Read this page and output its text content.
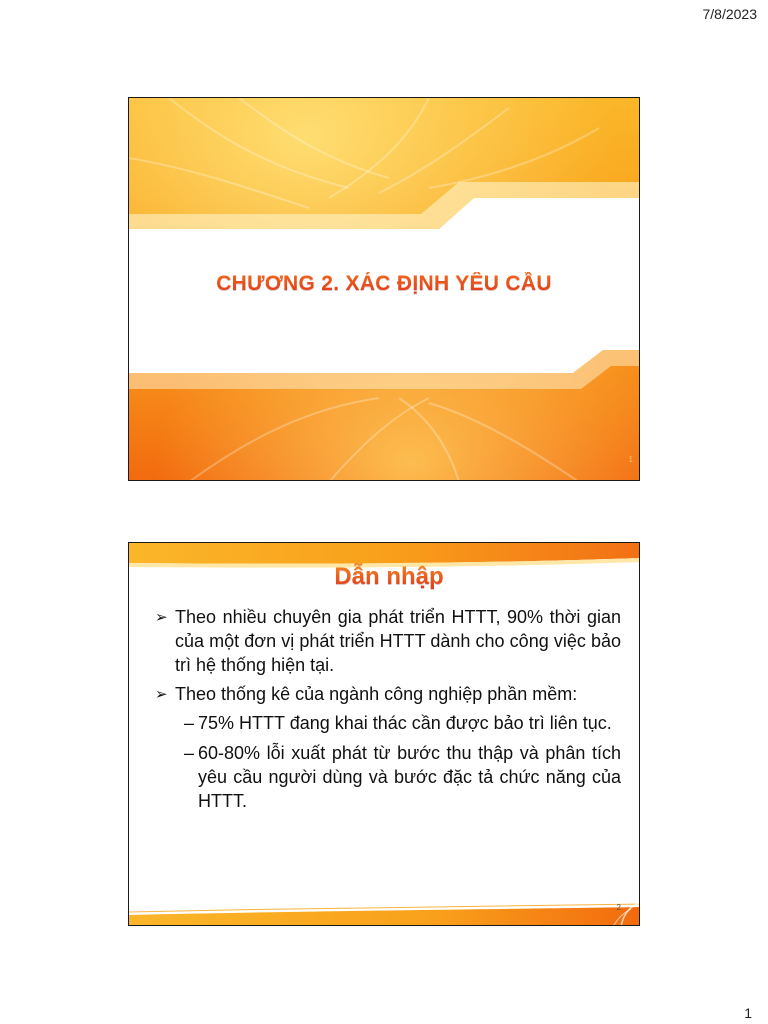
7/8/2023
CHƯƠNG 2. XÁC ĐỊNH YÊU CẦU
1
Dẫn nhập
➢ Theo nhiều chuyên gia phát triển HTTT, 90% thời gian của một đơn vị phát triển HTTT dành cho công việc bảo trì hệ thống hiện tại.
➢ Theo thống kê của ngành công nghiệp phần mềm:
– 75% HTTT đang khai thác cần được bảo trì liên tục.
– 60-80% lỗi xuất phát từ bước thu thập và phân tích yêu cầu người dùng và bước đặc tả chức năng của HTTT.
2
1
